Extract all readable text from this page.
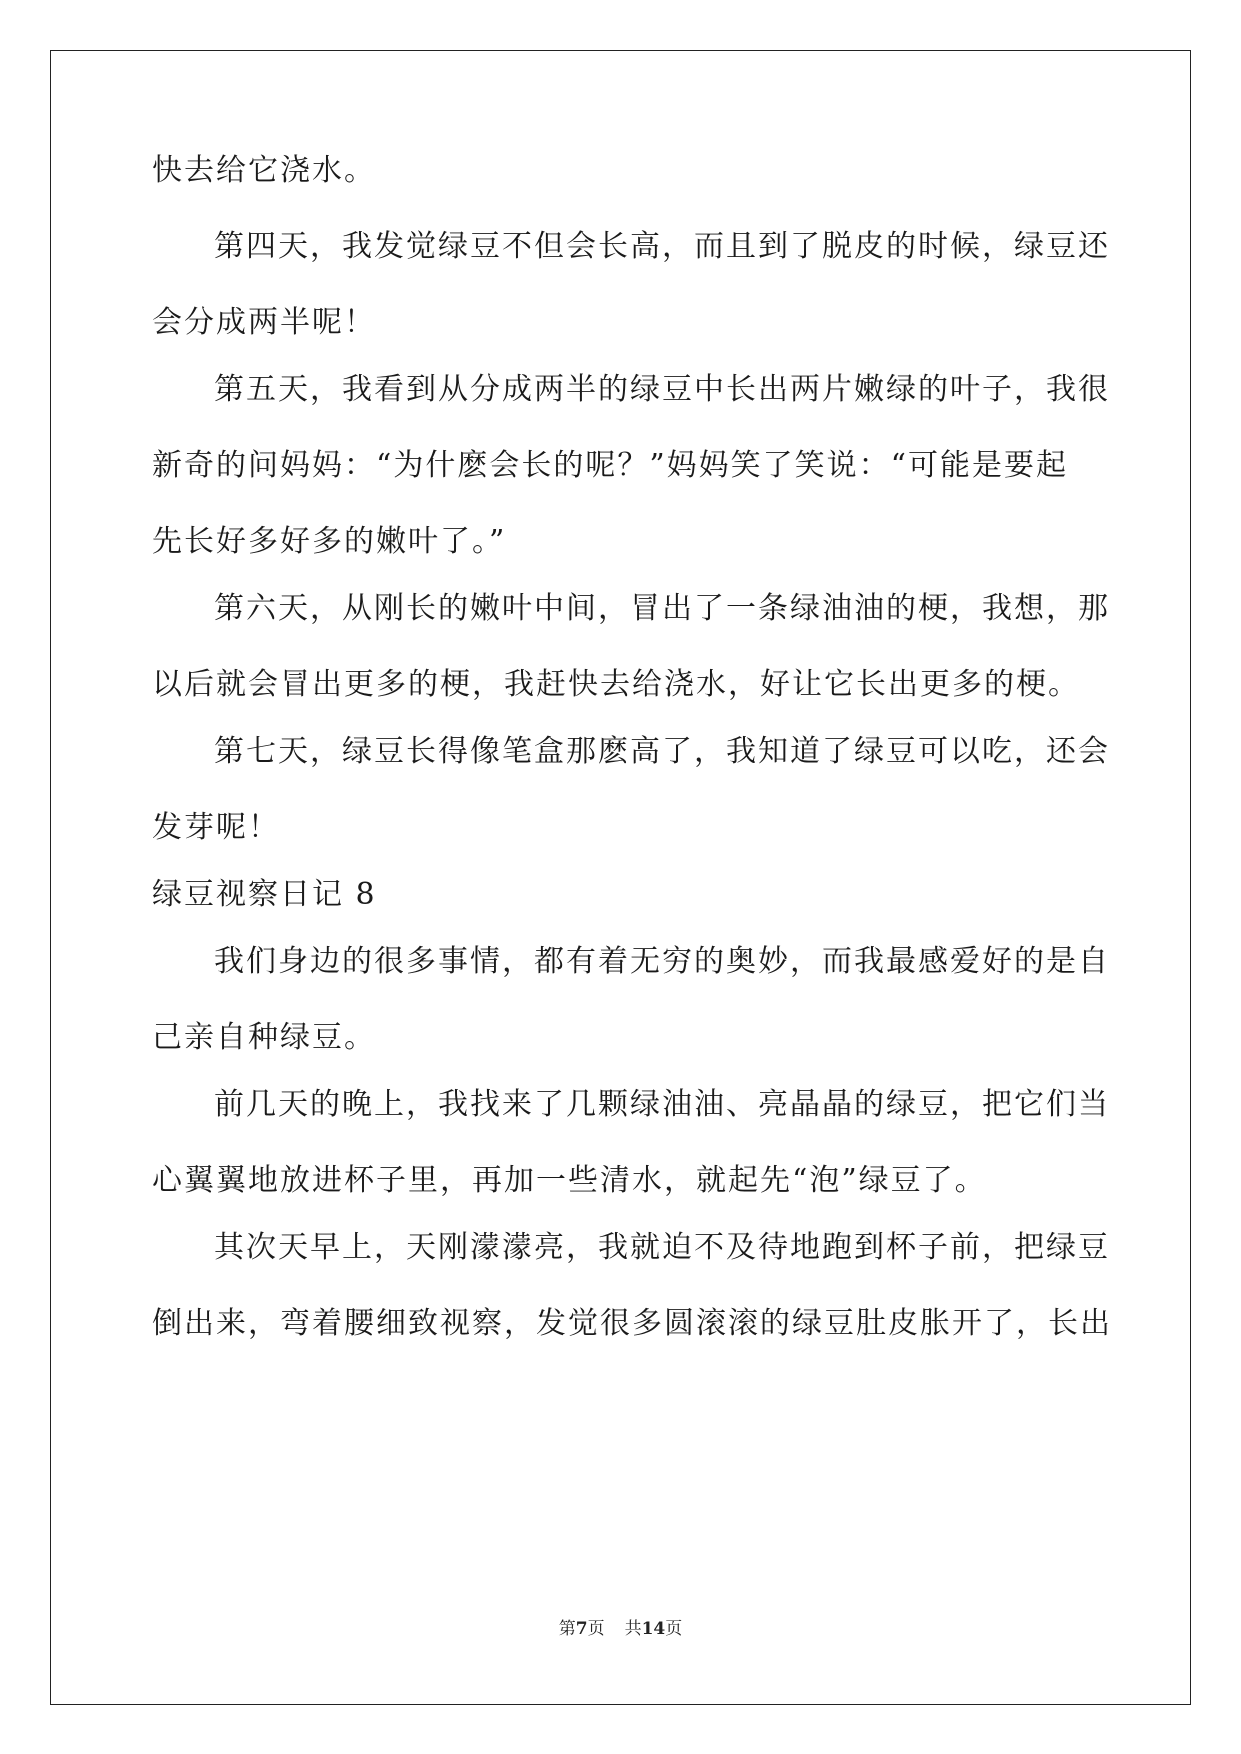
快去给它浇水。
第四天，我发觉绿豆不但会长高，而且到了脱皮的时候，绿豆还
会分成两半呢！
第五天，我看到从分成两半的绿豆中长出两片嫩绿的叶子，我很
新奇的问妈妈：“为什麽会长的呢？”妈妈笑了笑说：“可能是要起
先长好多好多的嫩叶了。”
第六天，从刚长的嫩叶中间，冒出了一条绿油油的梗，我想，那
以后就会冒出更多的梗，我赶快去给浇水，好让它长出更多的梗。
第七天，绿豆长得像笔盒那麽高了，我知道了绿豆可以吃，还会
发芽呢！
绿豆视察日记 8
我们身边的很多事情，都有着无穷的奥妙，而我最感爱好的是自
己亲自种绿豆。
前几天的晚上，我找来了几颗绿油油、亮晶晶的绿豆，把它们当
心翼翼地放进杯子里，再加一些清水，就起先“泡”绿豆了。
其次天早上，天刚濛濛亮，我就迫不及待地跑到杯子前，把绿豆
倒出来，弯着腰细致视察，发觉很多圆滚滚的绿豆肚皮胀开了，长出
第7页 共14页
